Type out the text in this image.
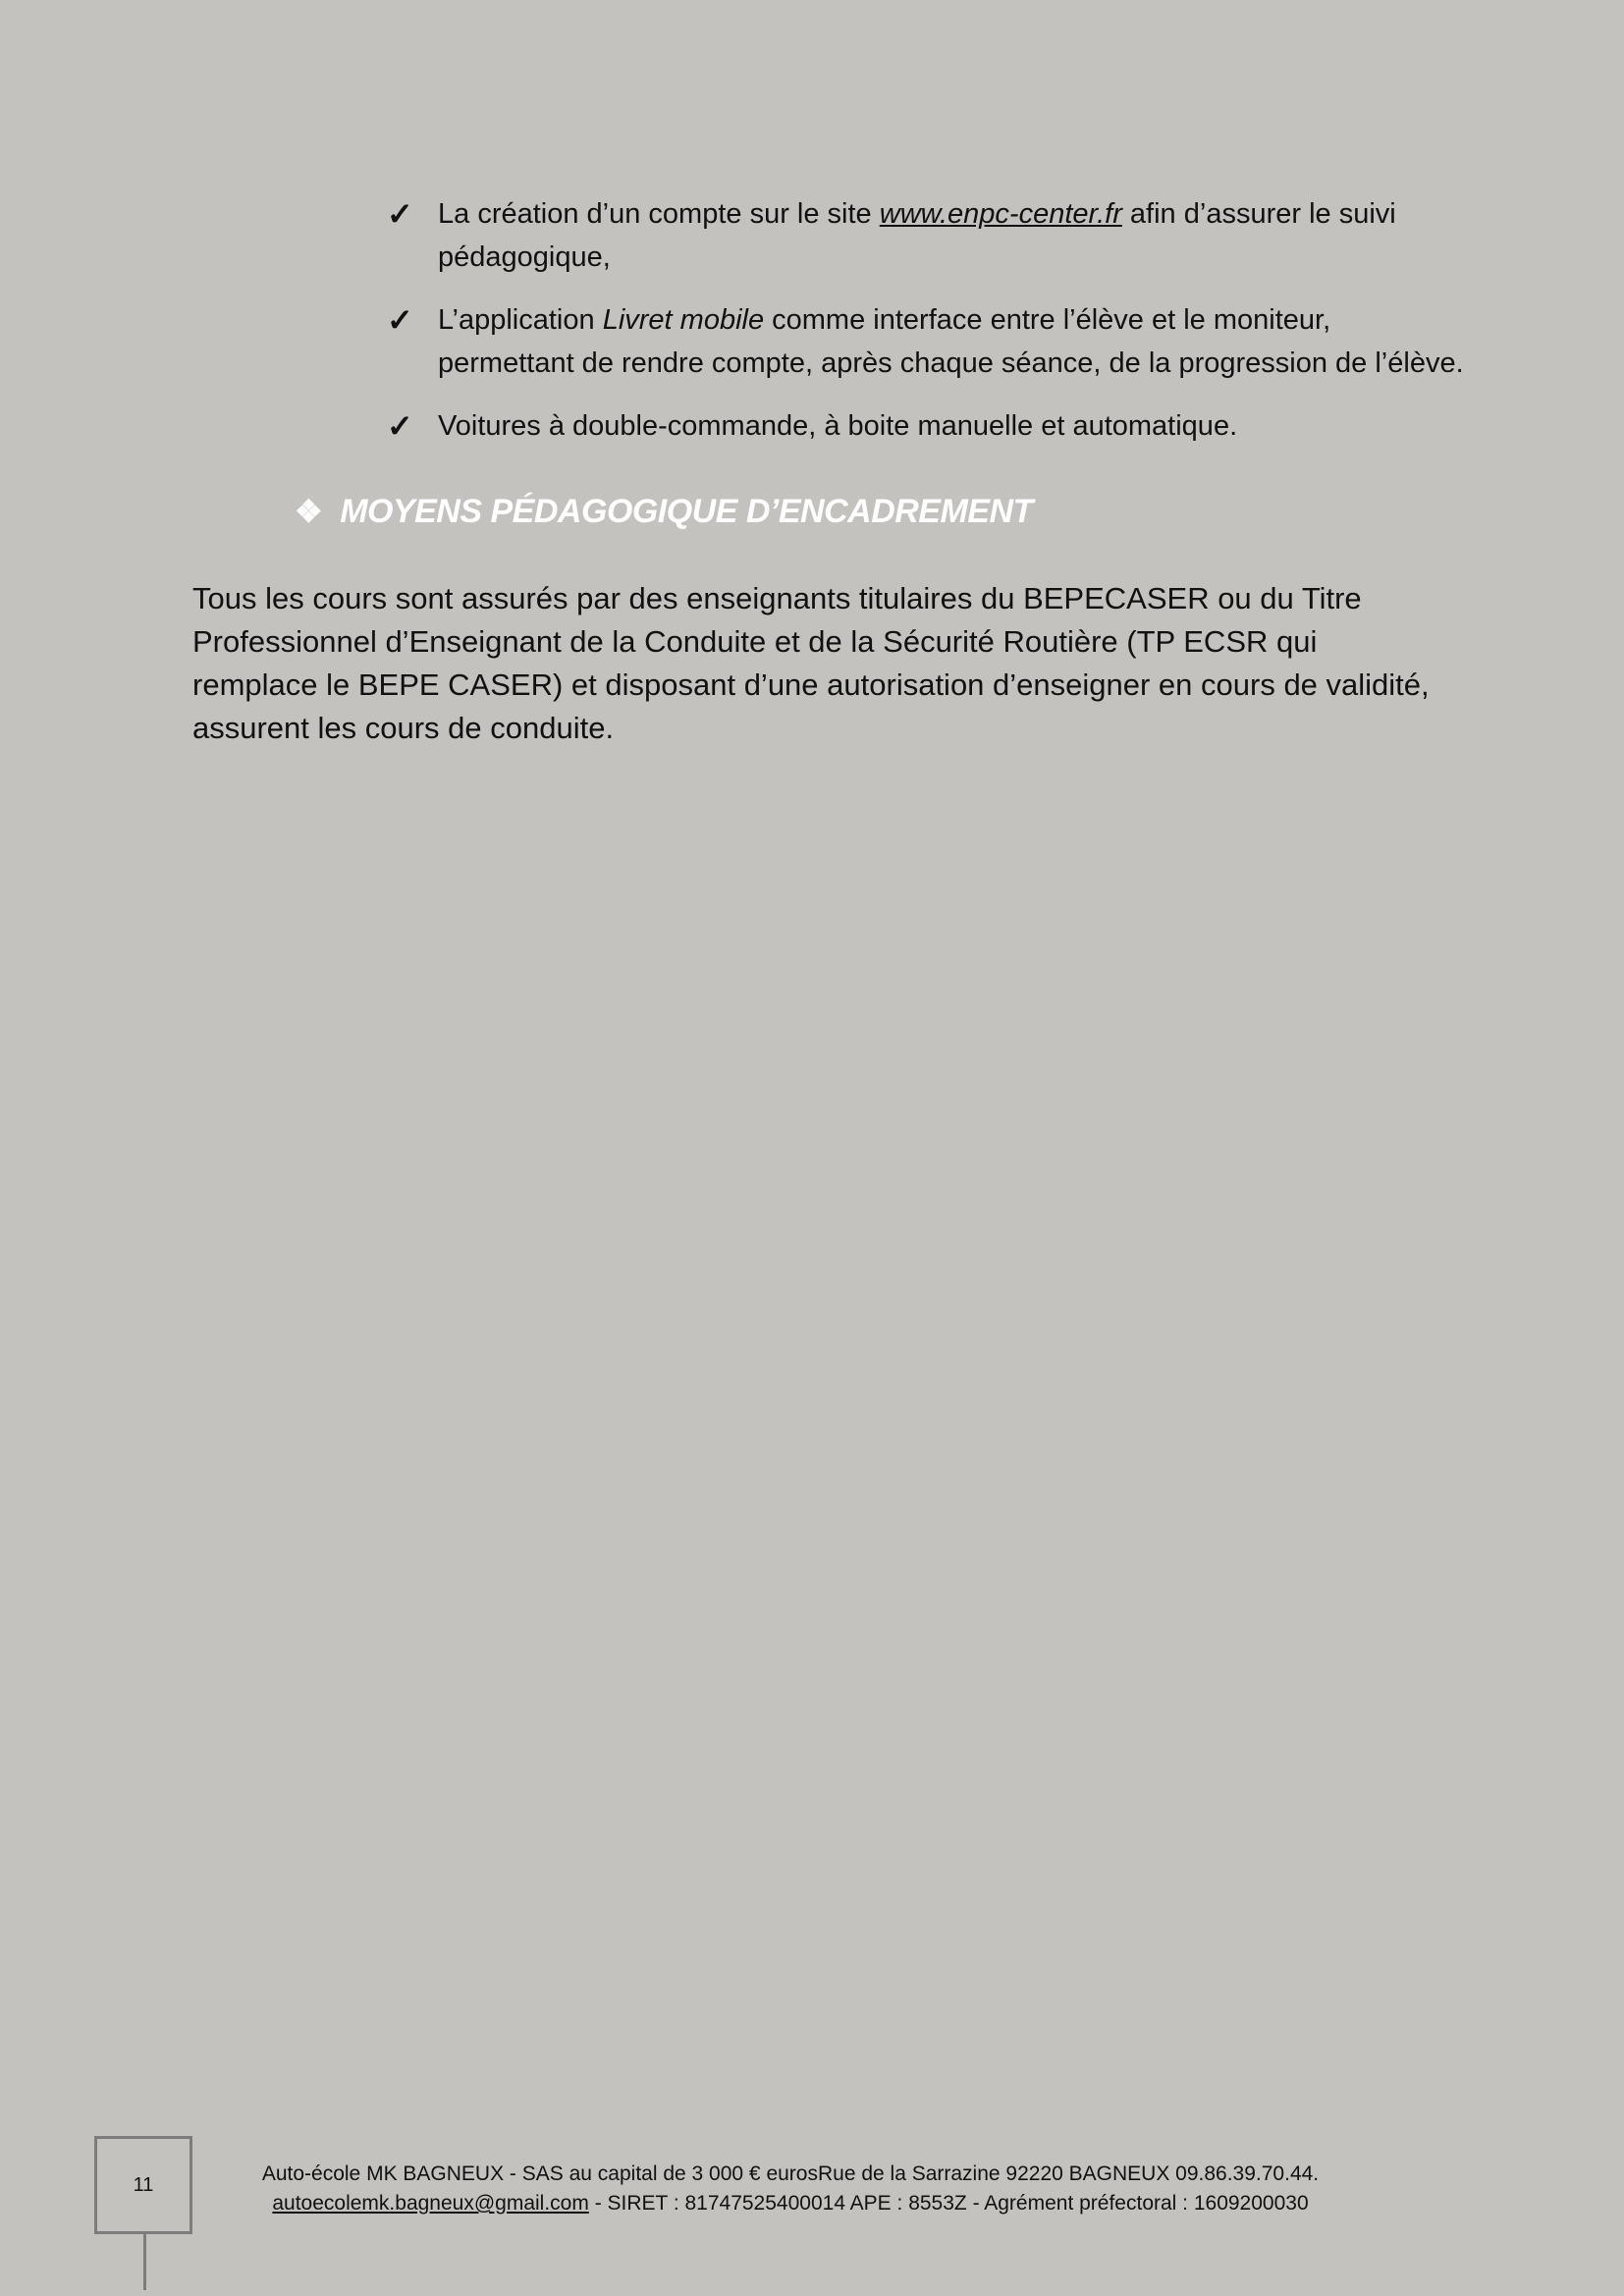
✓ La création d’un compte sur le site www.enpc-center.fr afin d’assurer le suivi
pédagogique,
✓ L’application Livret mobile comme interface entre l’élève et le moniteur,
permettant de rendre compte, après chaque séance, de la progression de l’élève.
✓ Voitures à double-commande, à boite manuelle et automatique.
❖ MOYENS PÉDAGOGIQUE D’ENCADREMENT
Tous les cours sont assurés par des enseignants titulaires du BEPECASER ou du Titre Professionnel d’Enseignant de la Conduite et de la Sécurité Routière (TP ECSR qui remplace le BEPE CASER) et disposant d’une autorisation d’enseigner en cours de validité, assurent les cours de conduite.
11	Auto-école MK BAGNEUX - SAS au capital de 3 000 € eurosRue de la Sarrazine 92220 BAGNEUX 09.86.39.70.44.
autoecolemk.bagneux@gmail.com - SIRET : 81747525400014 APE : 8553Z - Agrément préfectoral : 1609200030
